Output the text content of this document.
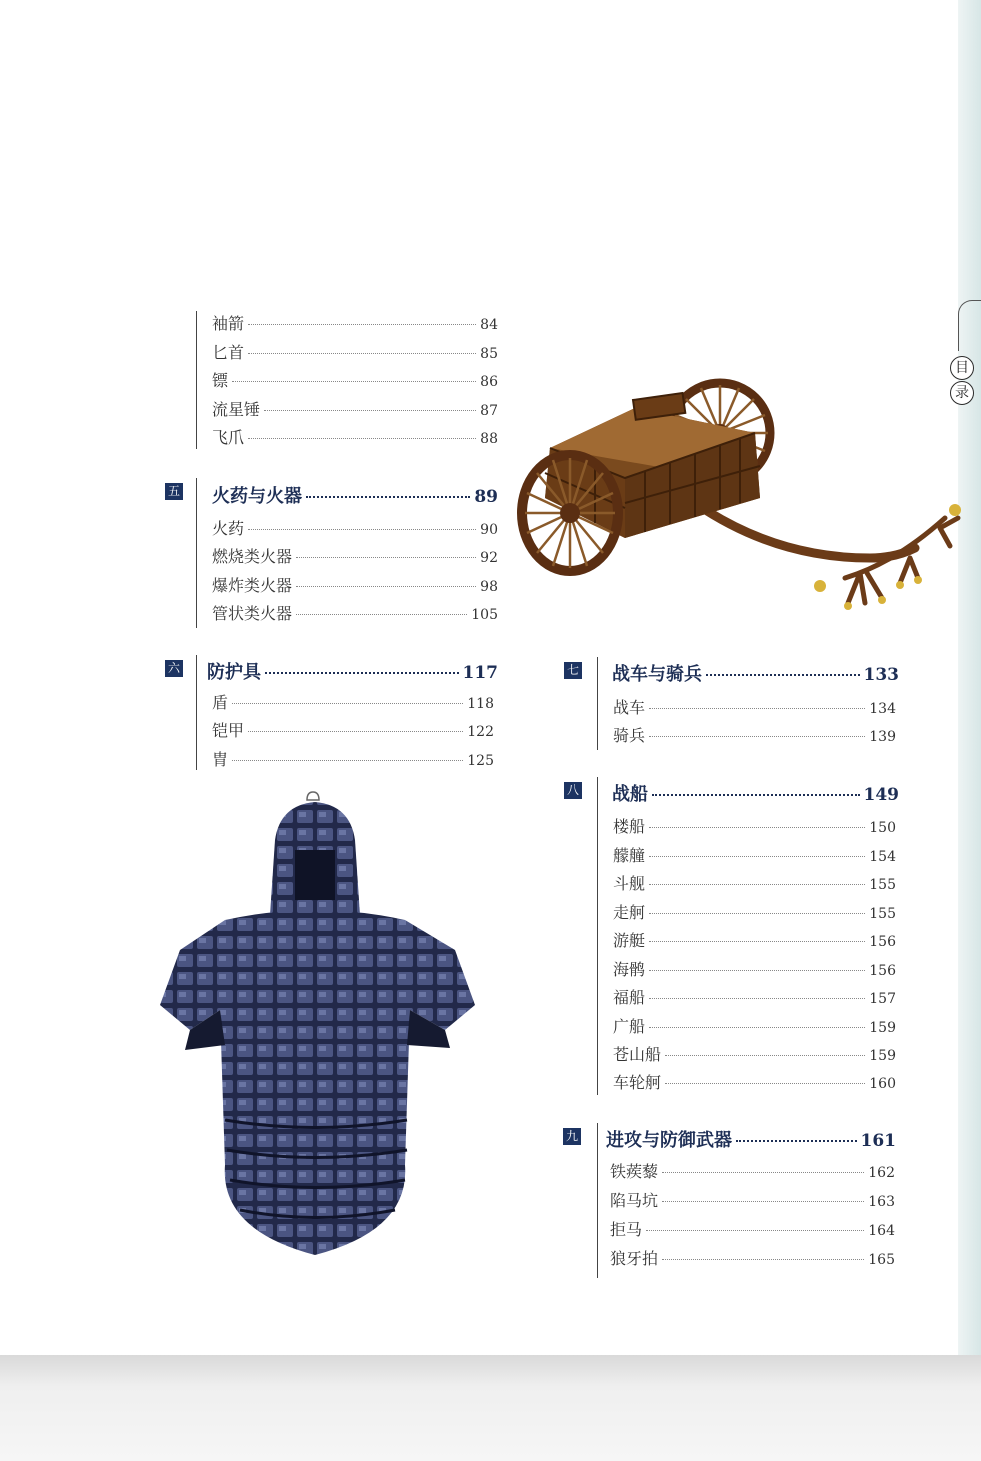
目
录
袖箭	84
匕首	85
镖	86
流星锤	87
飞爪	88
五 火药与火器	89
火药	90
燃烧类火器	92
爆炸类火器	98
管状类火器	105
六 防护具	117
盾	118
铠甲	122
胄	125
七 战车与骑兵	133
战车	134
骑兵	139
八 战船	149
楼船	150
艨艟	154
斗舰	155
走舸	155
游艇	156
海鹘	156
福船	157
广船	159
苍山船	159
车轮舸	160
九 进攻与防御武器	161
铁蒺藜	162
陷马坑	163
拒马	164
狼牙拍	165
